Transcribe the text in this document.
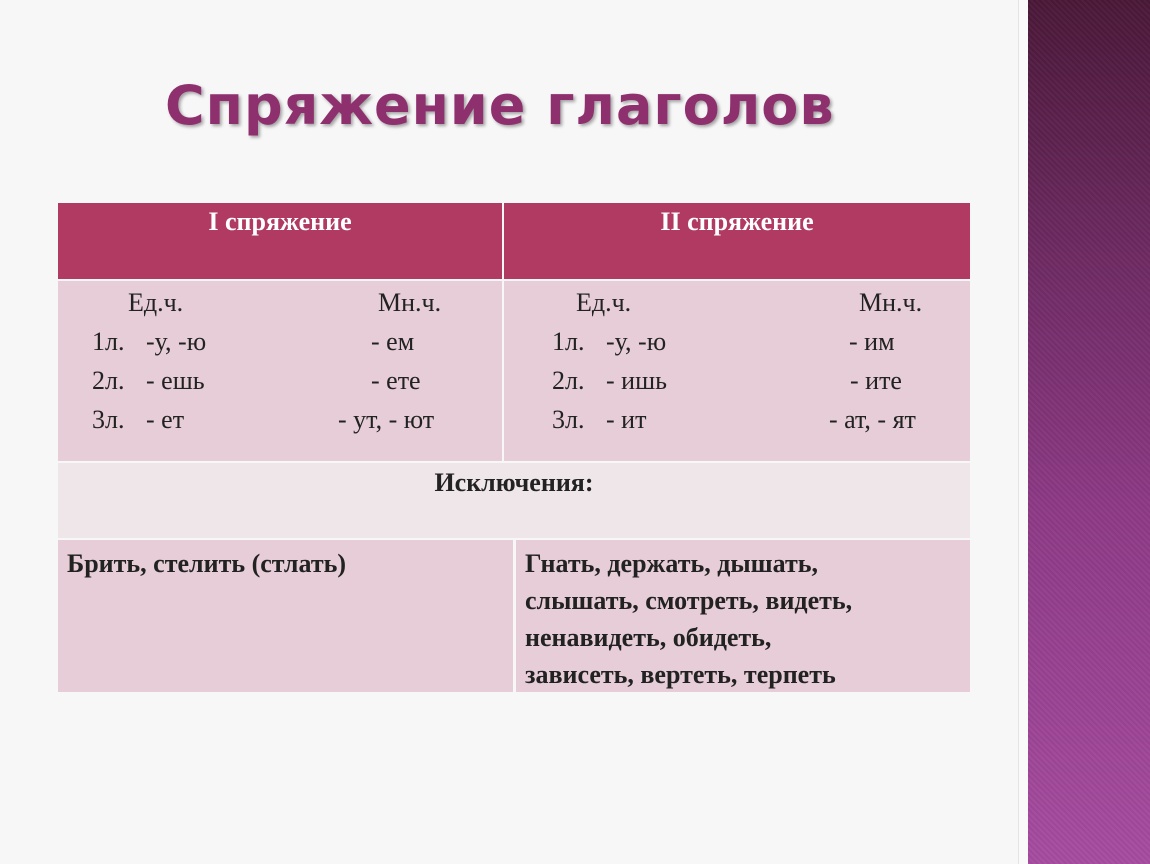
Спряжение глаголов
I спряжение	II спряжение
Ед.ч.	Мн.ч.
1л. -у, -ю	- ем
2л. - ешь	- ете
3л. - ет	- ут, - ют
Ед.ч.	Мн.ч.
1л. -у, -ю	- им
2л. - ишь	- ите
3л. - ит	- ат, - ят
Исключения:

Брить, стелить (стлать)	Гнать, держать, дышать,
слышать, смотреть, видеть,
ненавидеть, обидеть,
зависеть, вертеть, терпеть
